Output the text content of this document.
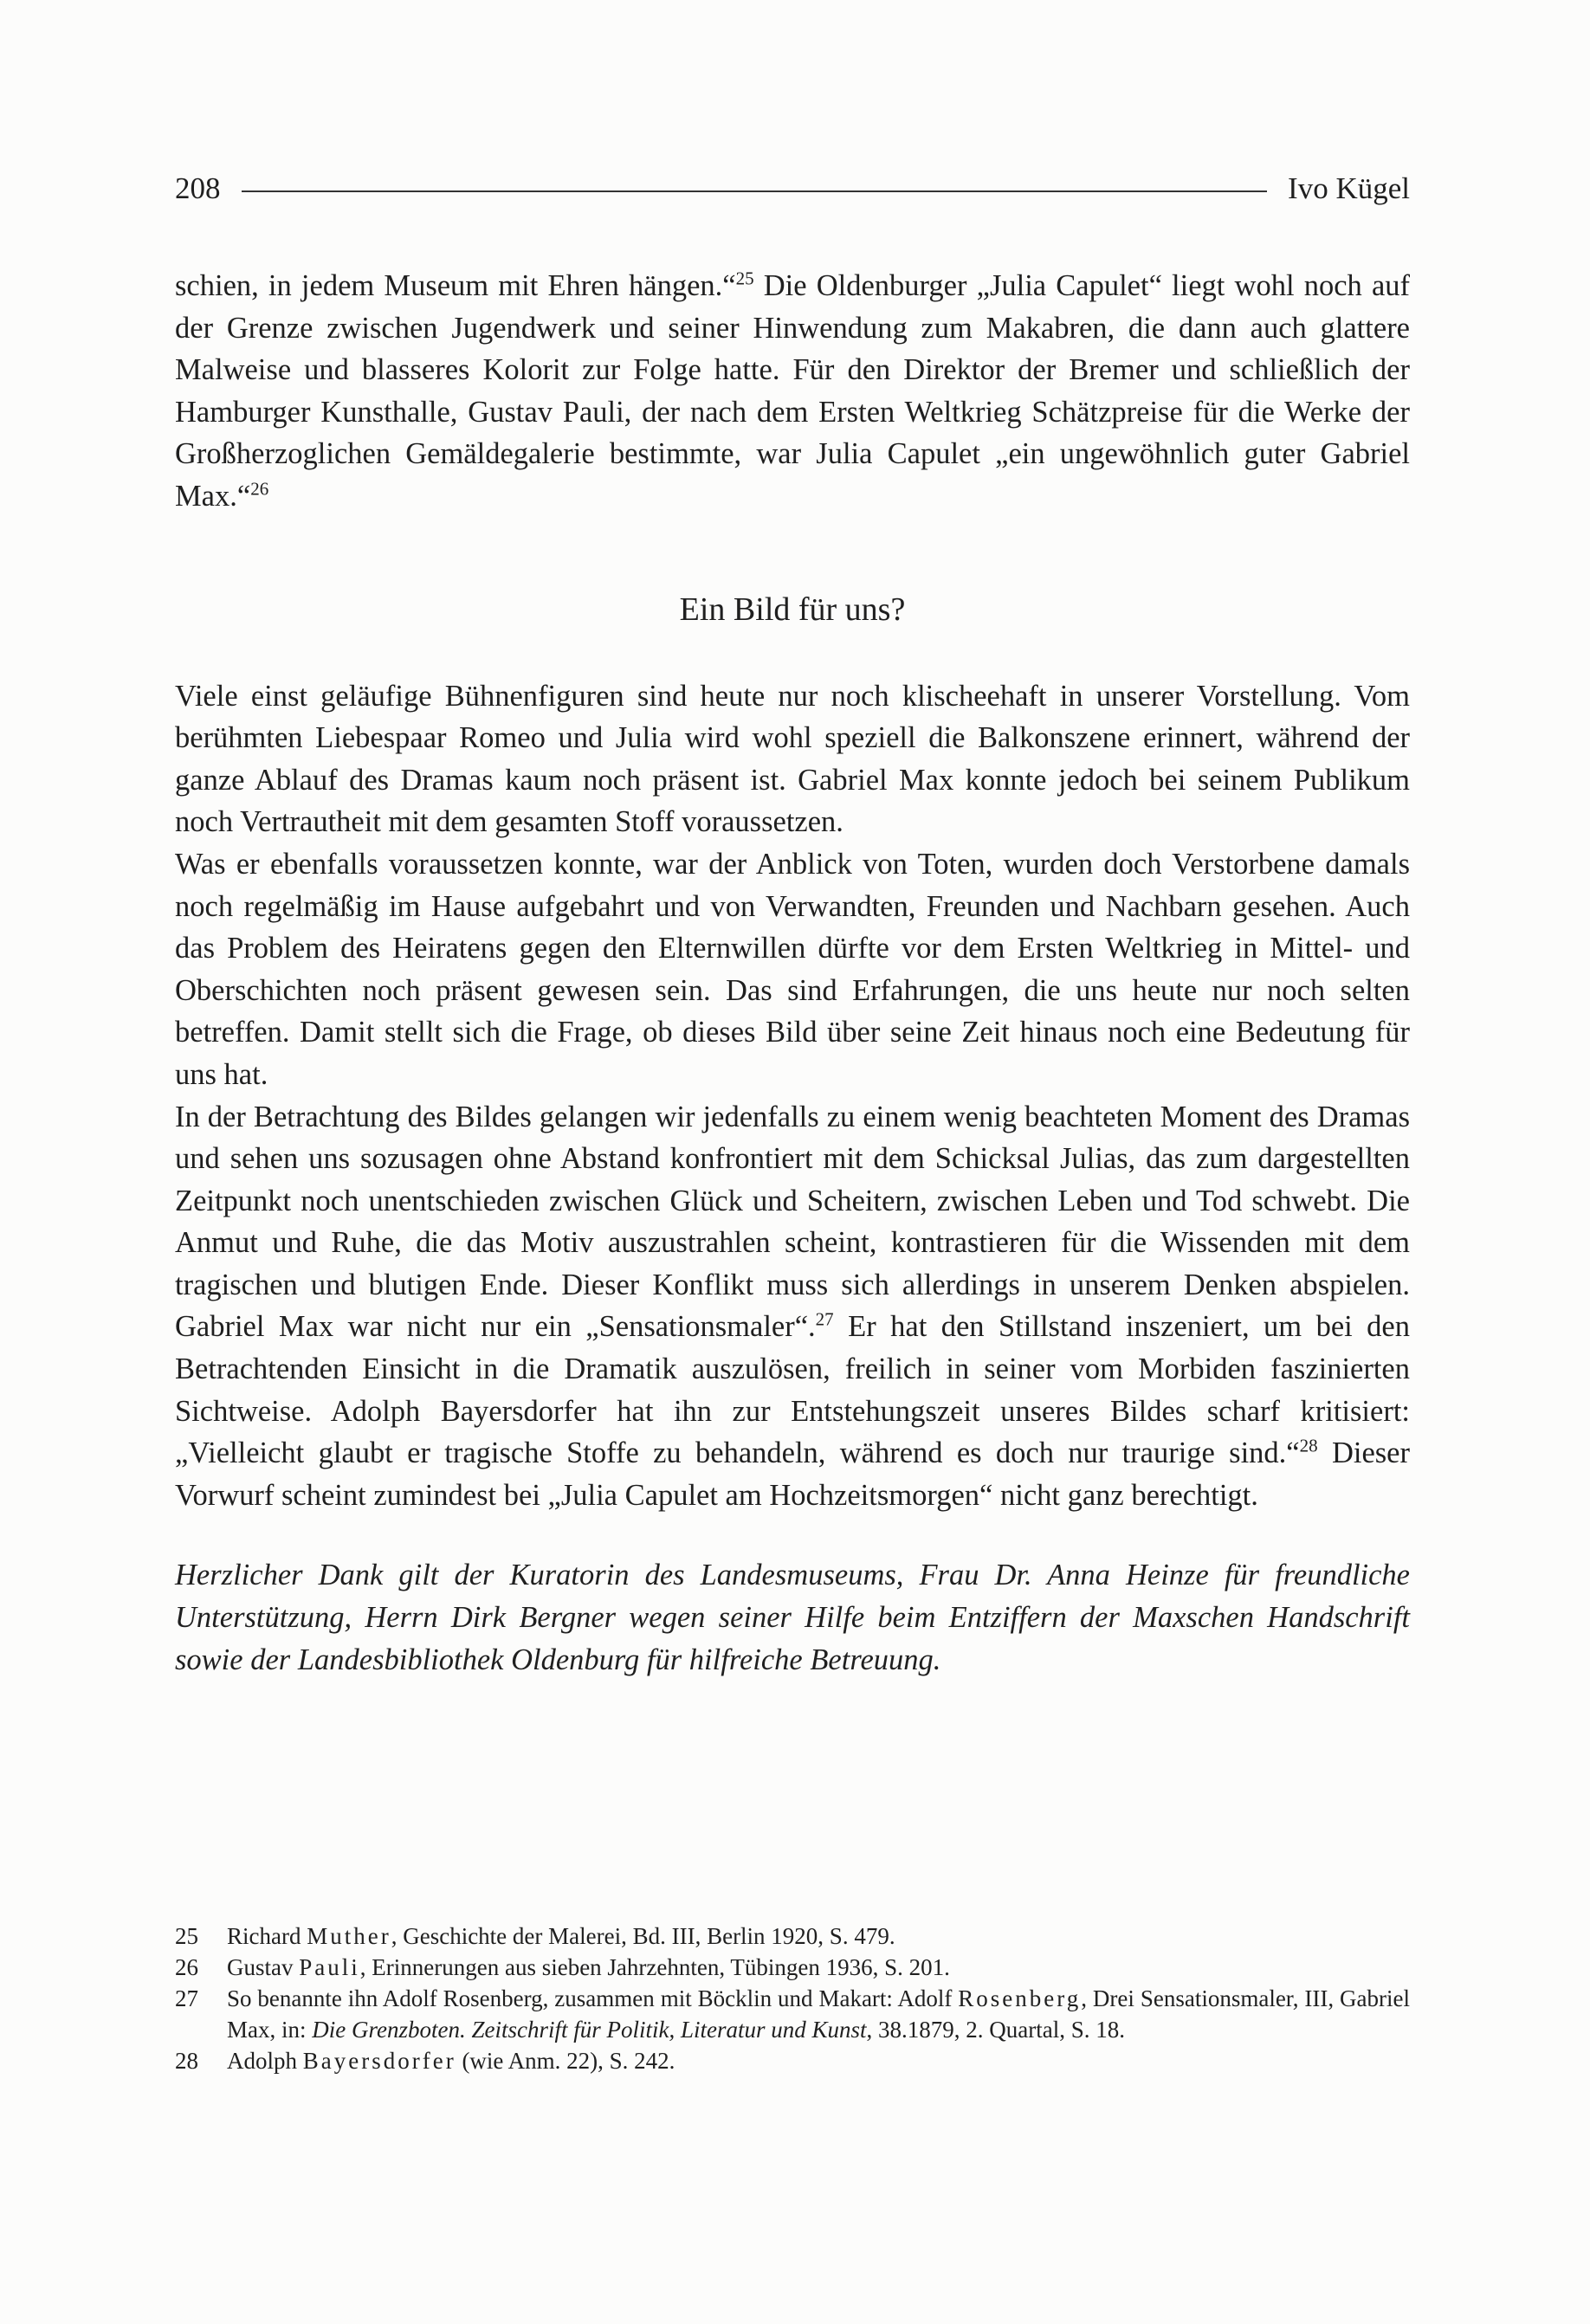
208	Ivo Kügel

schien, in jedem Museum mit Ehren hängen.“$^{25}$ Die Oldenburger „Julia Capulet“ liegt wohl noch auf der Grenze zwischen Jugendwerk und seiner Hinwendung zum Makabren, die dann auch glattere Malweise und blasseres Kolorit zur Folge hatte. Für den Direktor der Bremer und schließlich der Hamburger Kunsthalle, Gustav Pauli, der nach dem Ersten Weltkrieg Schätzpreise für die Werke der Großherzoglichen Gemäldegalerie bestimmte, war Julia Capulet „ein ungewöhnlich guter Gabriel Max.“$^{26}$

Ein Bild für uns?

Viele einst geläufige Bühnenfiguren sind heute nur noch klischeehaft in unserer Vorstellung. Vom berühmten Liebespaar Romeo und Julia wird wohl speziell die Balkonszene erinnert, während der ganze Ablauf des Dramas kaum noch präsent ist. Gabriel Max konnte jedoch bei seinem Publikum noch Vertrautheit mit dem gesamten Stoff voraussetzen.

Was er ebenfalls voraussetzen konnte, war der Anblick von Toten, wurden doch Verstorbene damals noch regelmäßig im Hause aufgebahrt und von Verwandten, Freunden und Nachbarn gesehen. Auch das Problem des Heiratens gegen den Elternwillen dürfte vor dem Ersten Weltkrieg in Mittel- und Oberschichten noch präsent gewesen sein. Das sind Erfahrungen, die uns heute nur noch selten betreffen. Damit stellt sich die Frage, ob dieses Bild über seine Zeit hinaus noch eine Bedeutung für uns hat.

In der Betrachtung des Bildes gelangen wir jedenfalls zu einem wenig beachteten Moment des Dramas und sehen uns sozusagen ohne Abstand konfrontiert mit dem Schicksal Julias, das zum dargestellten Zeitpunkt noch unentschieden zwischen Glück und Scheitern, zwischen Leben und Tod schwebt. Die Anmut und Ruhe, die das Motiv auszustrahlen scheint, kontrastieren für die Wissenden mit dem tragischen und blutigen Ende. Dieser Konflikt muss sich allerdings in unserem Denken abspielen. Gabriel Max war nicht nur ein „Sensationsmaler“.$^{27}$ Er hat den Stillstand inszeniert, um bei den Betrachtenden Einsicht in die Dramatik auszulösen, freilich in seiner vom Morbiden faszinierten Sichtweise. Adolph Bayersdorfer hat ihn zur Entstehungszeit unseres Bildes scharf kritisiert: „Vielleicht glaubt er tragische Stoffe zu behandeln, während es doch nur traurige sind.“$^{28}$ Dieser Vorwurf scheint zumindest bei „Julia Capulet am Hochzeitsmorgen“ nicht ganz berechtigt.

Herzlicher Dank gilt der Kuratorin des Landesmuseums, Frau Dr. Anna Heinze für freundliche Unterstützung, Herrn Dirk Bergner wegen seiner Hilfe beim Entziffern der Maxschen Handschrift sowie der Landesbibliothek Oldenburg für hilfreiche Betreuung.

25	Richard Muther, Geschichte der Malerei, Bd. III, Berlin 1920, S. 479.

26	Gustav Pauli, Erinnerungen aus sieben Jahrzehnten, Tübingen 1936, S. 201.

27	So benannte ihn Adolf Rosenberg, zusammen mit Böcklin und Makart: Adolf Rosenberg, Drei Sensationsmaler, III, Gabriel Max, in: Die Grenzboten. Zeitschrift für Politik, Literatur und Kunst, 38.1879, 2. Quartal, S. 18.

28	Adolph Bayersdorfer (wie Anm. 22), S. 242.
